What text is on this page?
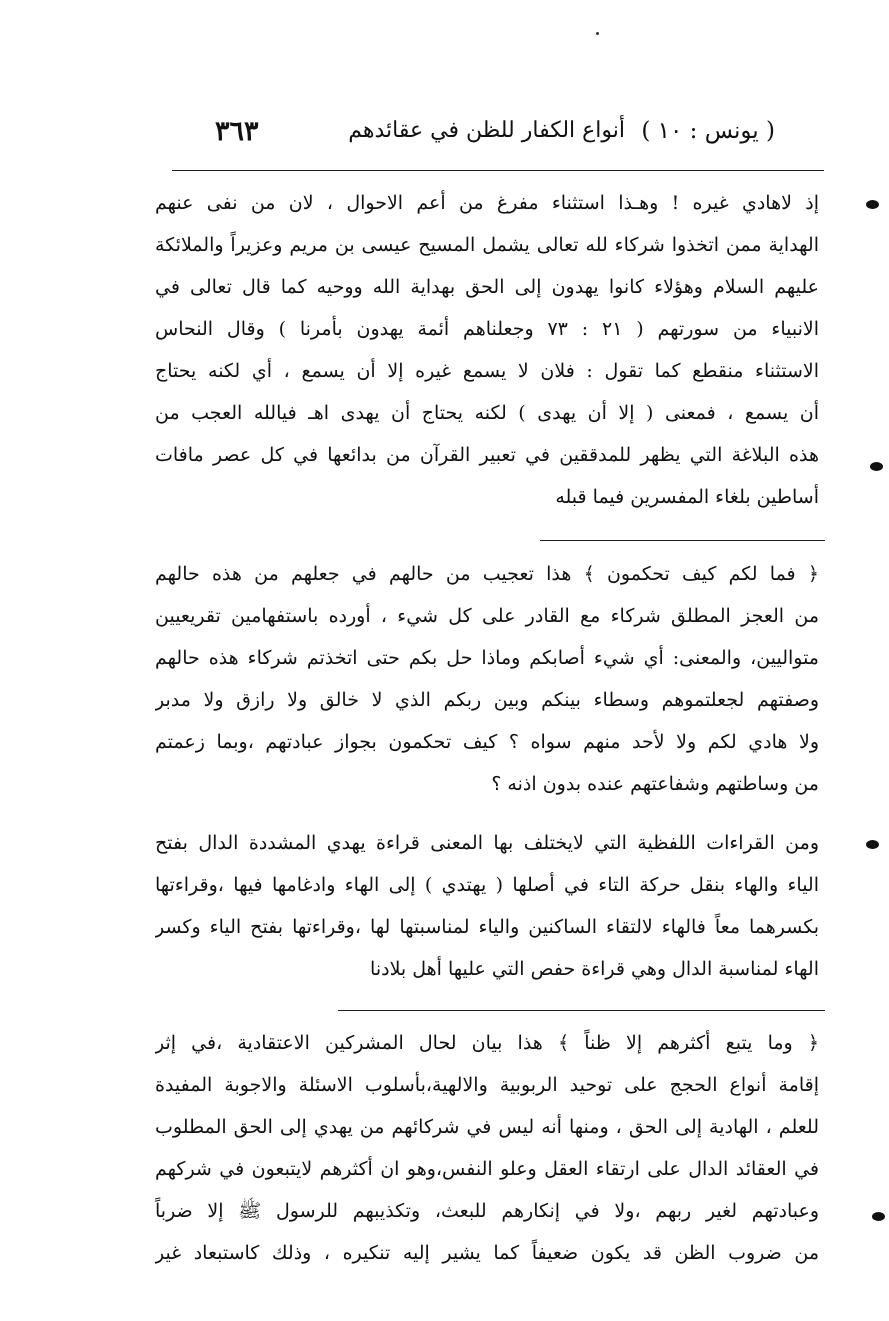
( يونس : ١٠ )
أنواع الكفار للظن في عقائدهم
٣٦٣
إذ لاهادي غيره ! وهـذا استثناء مفرغ من أعم الاحوال ، لان من نفى عنهم
الهداية ممن اتخذوا شركاء لله تعالى يشمل المسيح عيسى بن مريم وعزيراً والملائكة
عليهم السلام وهؤلاء كانوا يهدون إلى الحق بهداية الله ووحيه كما قال تعالى في
الانبياء من سورتهم ( ٢١ : ٧٣ وجعلناهم أئمة يهدون بأمرنا ) وقال النحاس
الاستثناء منقطع كما تقول : فلان لا يسمع غيره إلا أن يسمع ، أي لكنه يحتاج
أن يسمع ، فمعنى ( إلا أن يهدى ) لكنه يحتاج أن يهدى اهـ فيالله العجب من
هذه البلاغة التي يظهر للمدققين في تعبير القرآن من بدائعها في كل عصر مافات
أساطين بلغاء المفسرين فيما قبله
﴿ فما لكم كيف تحكمون ﴾ هذا تعجيب من حالهم في جعلهم من هذه حالهم
من العجز المطلق شركاء مع القادر على كل شيء ، أورده باستفهامين تقريعيين
متواليين، والمعنى: أي شيء أصابكم وماذا حل بكم حتى اتخذتم شركاء هذه حالهم
وصفتهم لجعلتموهم وسطاء بينكم وبين ربكم الذي لا خالق ولا رازق ولا مدبر
ولا هادي لكم ولا لأحد منهم سواه ؟ كيف تحكمون بجواز عبادتهم ،وبما زعمتم
من وساطتهم وشفاعتهم عنده بدون اذنه ؟
ومن القراءات اللفظية التي لايختلف بها المعنى قراءة يهدي المشددة الدال بفتح
الياء والهاء بنقل حركة التاء في أصلها ( يهتدي ) إلى الهاء وادغامها فيها ،وقراءتها
بكسرهما معاً فالهاء لالتقاء الساكنين والياء لمناسبتها لها ،وقراءتها بفتح الياء وكسر
الهاء لمناسبة الدال وهي قراءة حفص التي عليها أهل بلادنا
﴿ وما يتبع أكثرهم إلا ظناً ﴾ هذا بيان لحال المشركين الاعتقادية ،في إثر
إقامة أنواع الحجج على توحيد الربوبية والالهية،بأسلوب الاسئلة والاجوبة المفيدة
للعلم ، الهادية إلى الحق ، ومنها أنه ليس في شركائهم من يهدي إلى الحق المطلوب
في العقائد الدال على ارتقاء العقل وعلو النفس،وهو ان أكثرهم لايتبعون في شركهم
وعبادتهم لغير ربهم ،ولا في إنكارهم للبعث، وتكذيبهم للرسول ﷺ إلا ضرباً
من ضروب الظن قد يكون ضعيفاً كما يشير إليه تنكيره ، وذلك كاستبعاد غير
